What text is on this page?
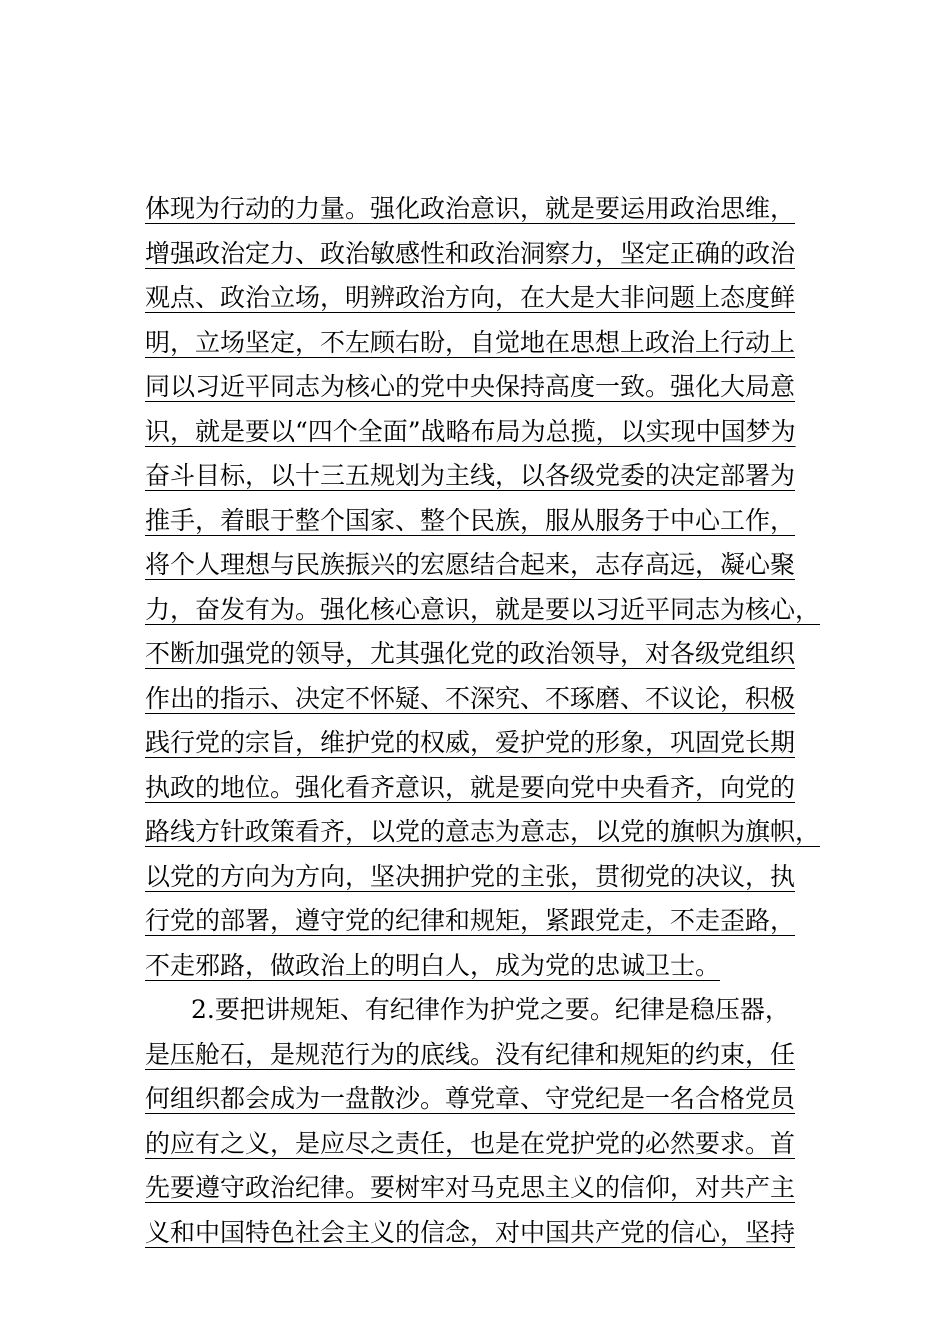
体现为行动的力量。强化政治意识，就是要运用政治思维，
增强政治定力、政治敏感性和政治洞察力，坚定正确的政治
观点、政治立场，明辨政治方向，在大是大非问题上态度鲜
明，立场坚定，不左顾右盼，自觉地在思想上政治上行动上
同以习近平同志为核心的党中央保持高度一致。强化大局意
识，就是要以“四个全面”战略布局为总揽，以实现中国梦为
奋斗目标，以十三五规划为主线，以各级党委的决定部署为
推手，着眼于整个国家、整个民族，服从服务于中心工作，
将个人理想与民族振兴的宏愿结合起来，志存高远，凝心聚
力，奋发有为。强化核心意识，就是要以习近平同志为核心，
不断加强党的领导，尤其强化党的政治领导，对各级党组织
作出的指示、决定不怀疑、不深究、不琢磨、不议论，积极
践行党的宗旨，维护党的权威，爱护党的形象，巩固党长期
执政的地位。强化看齐意识，就是要向党中央看齐，向党的
路线方针政策看齐，以党的意志为意志，以党的旗帜为旗帜，
以党的方向为方向，坚决拥护党的主张，贯彻党的决议，执
行党的部署，遵守党的纪律和规矩，紧跟党走，不走歪路，
不走邪路，做政治上的明白人，成为党的忠诚卫士。
2.要把讲规矩、有纪律作为护党之要。纪律是稳压器，
是压舱石，是规范行为的底线。没有纪律和规矩的约束，任
何组织都会成为一盘散沙。尊党章、守党纪是一名合格党员
的应有之义，是应尽之责任，也是在党护党的必然要求。首
先要遵守政治纪律。要树牢对马克思主义的信仰，对共产主
义和中国特色社会主义的信念，对中国共产党的信心，坚持
